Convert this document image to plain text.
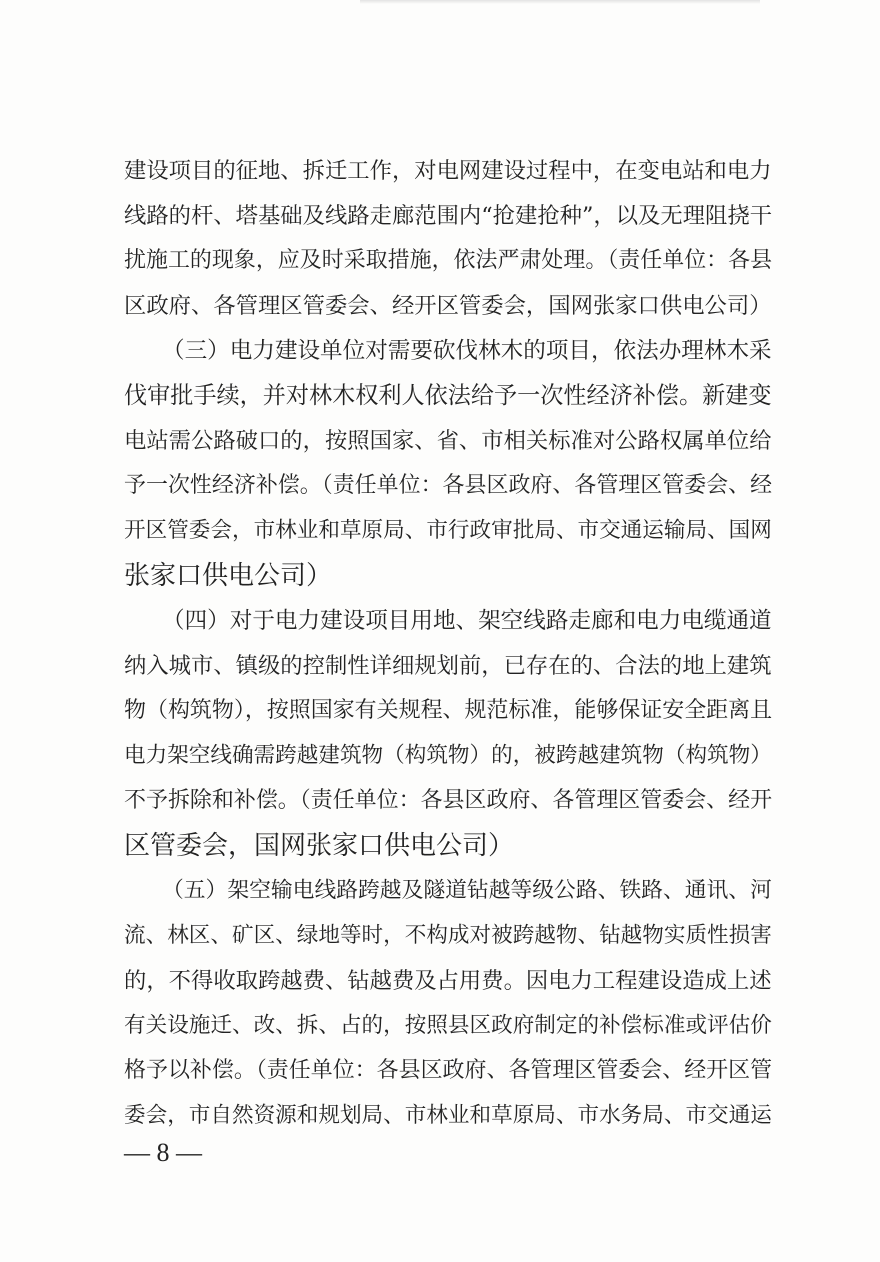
建设项目的征地、拆迁工作，对电网建设过程中，在变电站和电力
线路的杆、塔基础及线路走廊范围内“抢建抢种”，以及无理阻挠干
扰施工的现象，应及时采取措施，依法严肃处理。（责任单位：各县
区政府、各管理区管委会、经开区管委会，国网张家口供电公司）
（三）电力建设单位对需要砍伐林木的项目，依法办理林木采
伐审批手续，并对林木权利人依法给予一次性经济补偿。新建变
电站需公路破口的，按照国家、省、市相关标准对公路权属单位给
予一次性经济补偿。（责任单位：各县区政府、各管理区管委会、经
开区管委会，市林业和草原局、市行政审批局、市交通运输局、国网
张家口供电公司）
（四）对于电力建设项目用地、架空线路走廊和电力电缆通道
纳入城市、镇级的控制性详细规划前，已存在的、合法的地上建筑
物（构筑物），按照国家有关规程、规范标准，能够保证安全距离且
电力架空线确需跨越建筑物（构筑物）的，被跨越建筑物（构筑物）
不予拆除和补偿。（责任单位：各县区政府、各管理区管委会、经开
区管委会，国网张家口供电公司）
（五）架空输电线路跨越及隧道钻越等级公路、铁路、通讯、河
流、林区、矿区、绿地等时，不构成对被跨越物、钻越物实质性损害
的，不得收取跨越费、钻越费及占用费。因电力工程建设造成上述
有关设施迁、改、拆、占的，按照县区政府制定的补偿标准或评估价
格予以补偿。（责任单位：各县区政府、各管理区管委会、经开区管
委会，市自然资源和规划局、市林业和草原局、市水务局、市交通运
— 8 —
